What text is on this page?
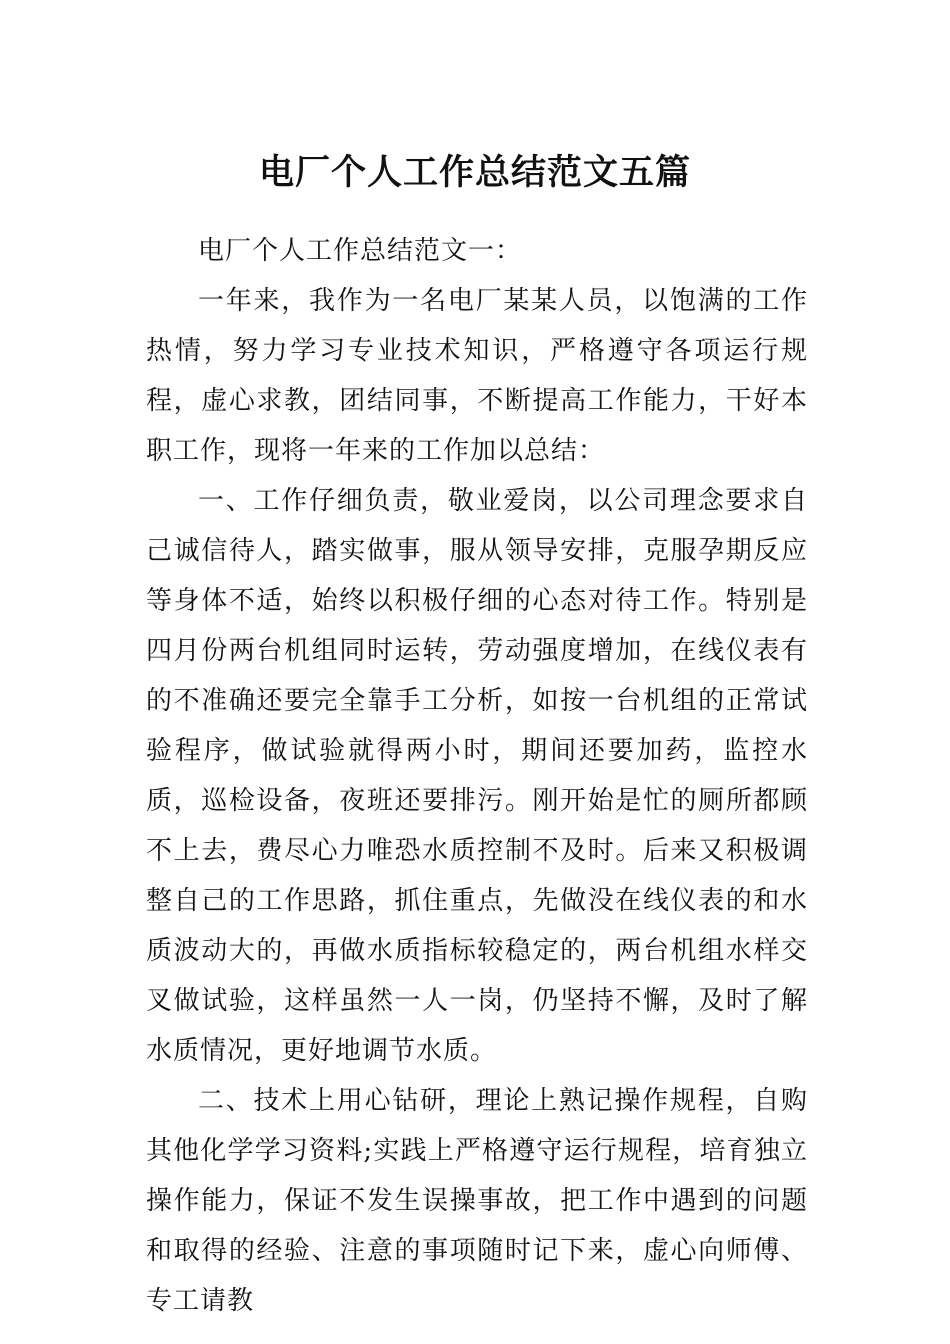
电厂个人工作总结范文五篇

电厂个人工作总结范文一：

一年来，我作为一名电厂某某人员，以饱满的工作热情，努力学习专业技术知识，严格遵守各项运行规程，虚心求教，团结同事，不断提高工作能力，干好本职工作，现将一年来的工作加以总结：

一、工作仔细负责，敬业爱岗，以公司理念要求自己诚信待人，踏实做事，服从领导安排，克服孕期反应等身体不适，始终以积极仔细的心态对待工作。特别是四月份两台机组同时运转，劳动强度增加，在线仪表有的不准确还要完全靠手工分析，如按一台机组的正常试验程序，做试验就得两小时，期间还要加药，监控水质，巡检设备，夜班还要排污。刚开始是忙的厕所都顾不上去，费尽心力唯恐水质控制不及时。后来又积极调整自己的工作思路，抓住重点，先做没在线仪表的和水质波动大的，再做水质指标较稳定的，两台机组水样交叉做试验，这样虽然一人一岗，仍坚持不懈，及时了解水质情况，更好地调节水质。

二、技术上用心钻研，理论上熟记操作规程，自购其他化学学习资料;实践上严格遵守运行规程，培育独立操作能力，保证不发生误操事故，把工作中遇到的问题和取得的经验、注意的事项随时记下来，虚心向师傅、专工请教
